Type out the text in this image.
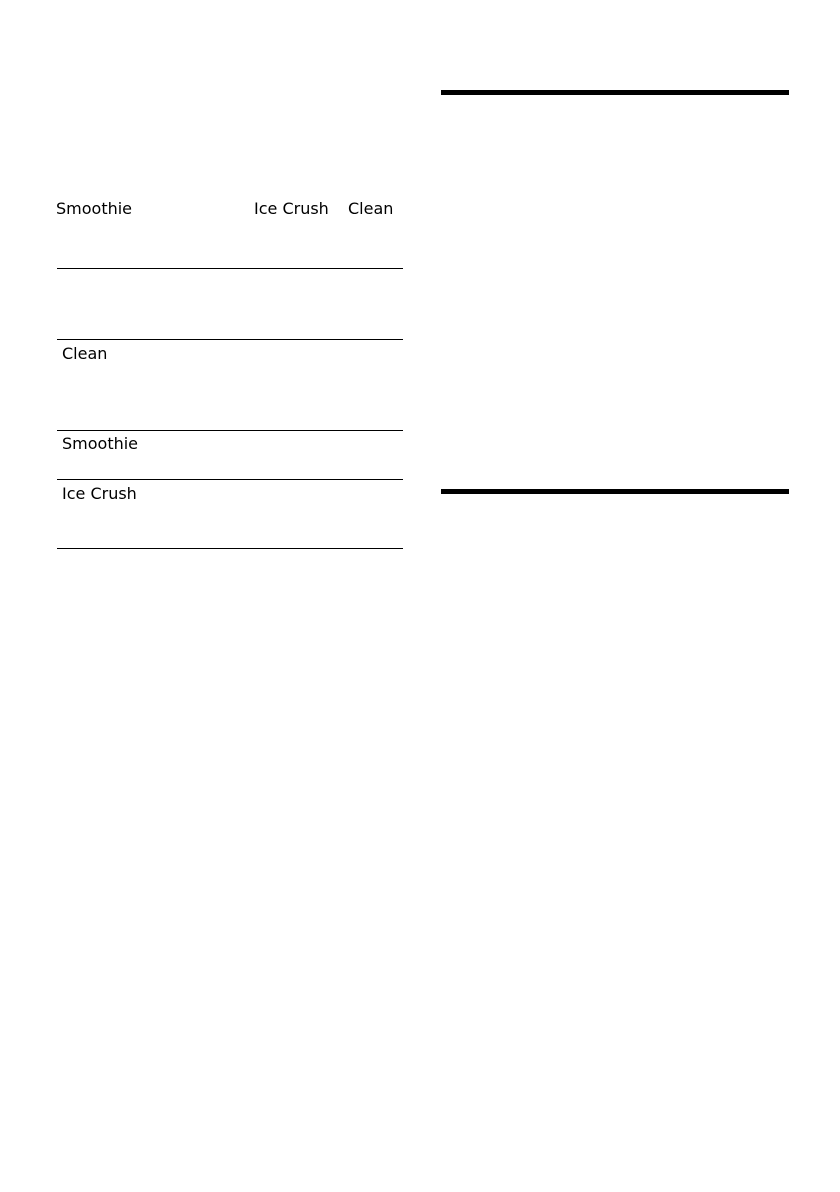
Smoothie	Ice Crush Clean
Clean
Smoothie
Ice Crush
